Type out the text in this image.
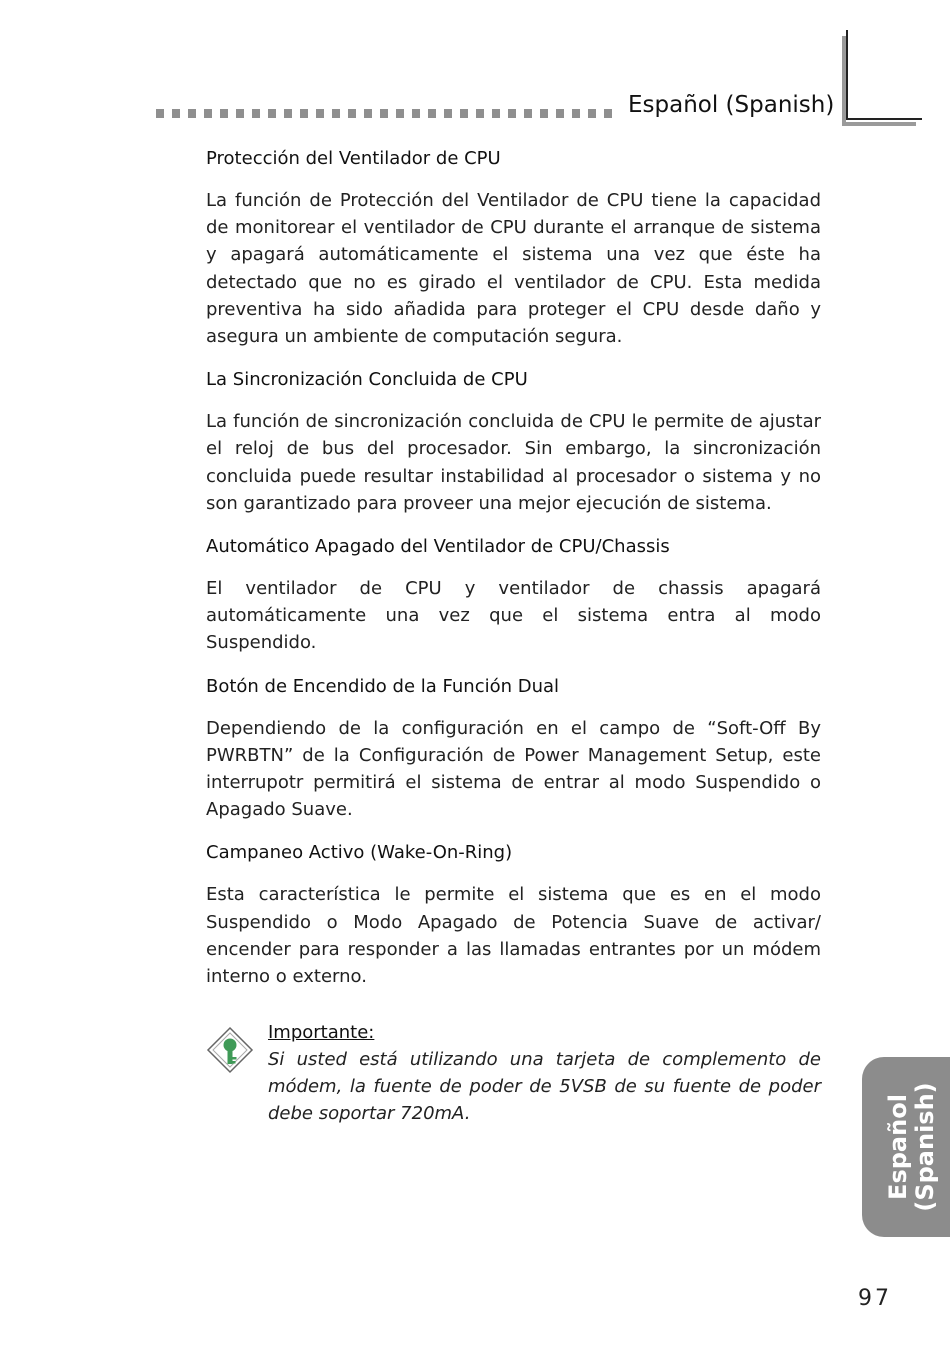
Español (Spanish)
Protección del Ventilador de CPU

La función de Protección del Ventilador de CPU tiene la capacidad de monitorear el ventilador de CPU durante el arranque de sistema y apagará automáticamente el sistema una vez que éste ha detectado que no es girado el ventilador de CPU. Esta medida preventiva ha sido añadida para proteger el CPU desde daño y asegura un ambiente de computación segura.

La Sincronización Concluida de CPU

La función de sincronización concluida de CPU le permite de ajustar el reloj de bus del procesador. Sin embargo, la sincronización concluida puede resultar instabilidad al procesador o sistema y no son garantizado para proveer una mejor ejecución de sistema.

Automático Apagado del Ventilador de CPU/Chassis

El ventilador de CPU y ventilador de chassis apagará automáticamente una vez que el sistema entra al modo Suspendido.

Botón de Encendido de la Función Dual

Dependiendo de la configuración en el campo de “Soft-Off By PWRBTN” de la Configuración de Power Management Setup, este interrupotr permitirá el sistema de entrar al modo Suspendido o Apagado Suave.

Campaneo Activo (Wake-On-Ring)

Esta característica le permite el sistema que es en el modo Suspendido o Modo Apagado de Potencia Suave de activar/ encender para responder a las llamadas entrantes por un módem interno o externo.

Importante:

Si usted está utilizando una tarjeta de complemento de módem, la fuente de poder de 5VSB de su fuente de poder debe soportar 720mA.	Español (Spanish)
97
